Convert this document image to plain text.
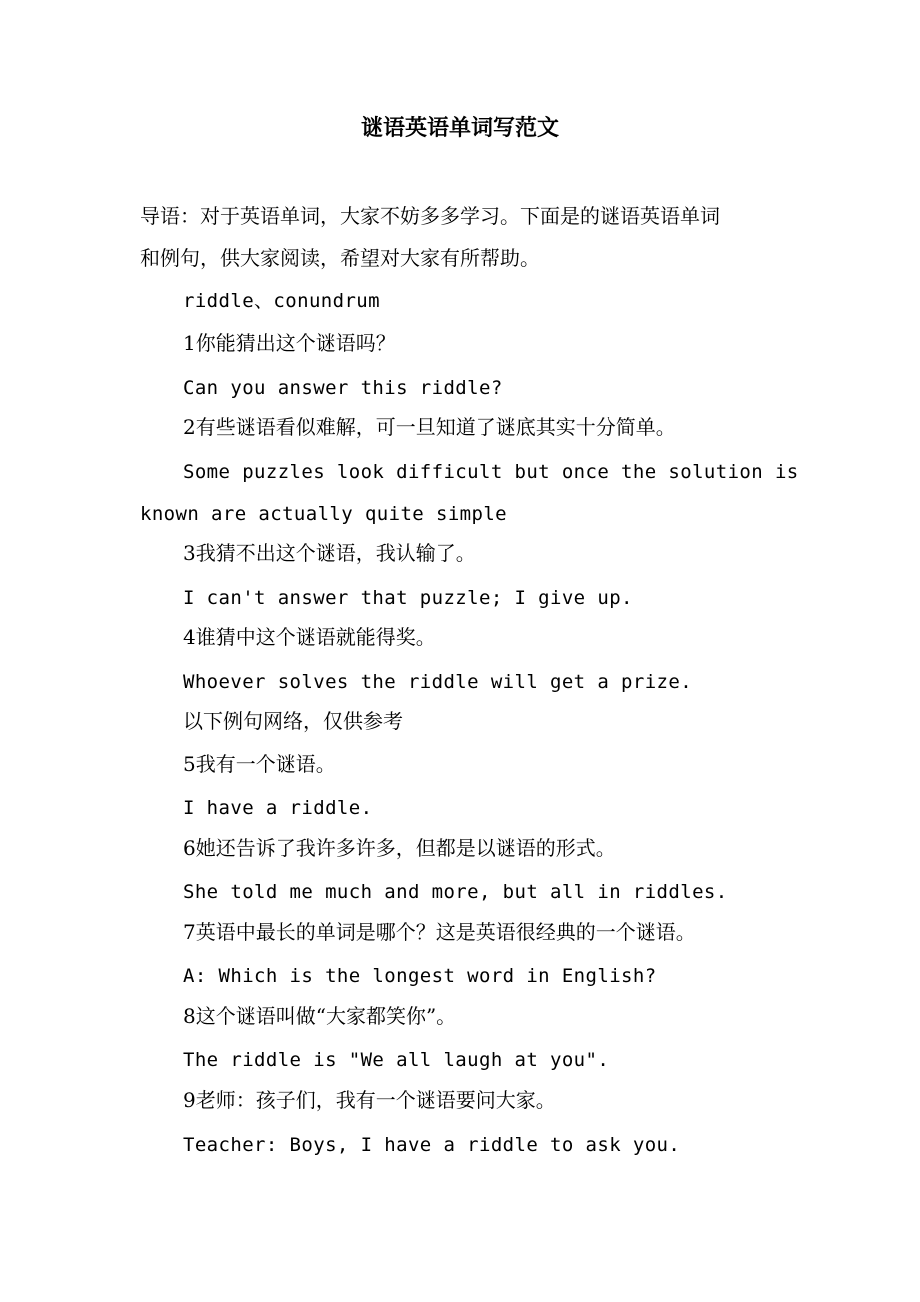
谜语英语单词写范文
导语：对于英语单词，大家不妨多多学习。下面是的谜语英语单词
和例句，供大家阅读，希望对大家有所帮助。
riddle、conundrum
1你能猜出这个谜语吗？
Can you answer this riddle?
2有些谜语看似难解，可一旦知道了谜底其实十分简单。
Some puzzles look difficult but once the solution is
known are actually quite simple
3我猜不出这个谜语，我认输了。
I can't answer that puzzle; I give up.
4谁猜中这个谜语就能得奖。
Whoever solves the riddle will get a prize.
以下例句网络，仅供参考
5我有一个谜语。
I have a riddle.
6她还告诉了我许多许多，但都是以谜语的形式。
She told me much and more, but all in riddles.
7英语中最长的单词是哪个？这是英语很经典的一个谜语。
A: Which is the longest word in English?
8这个谜语叫做“大家都笑你”。
The riddle is "We all laugh at you".
9老师：孩子们，我有一个谜语要问大家。
Teacher: Boys, I have a riddle to ask you.
